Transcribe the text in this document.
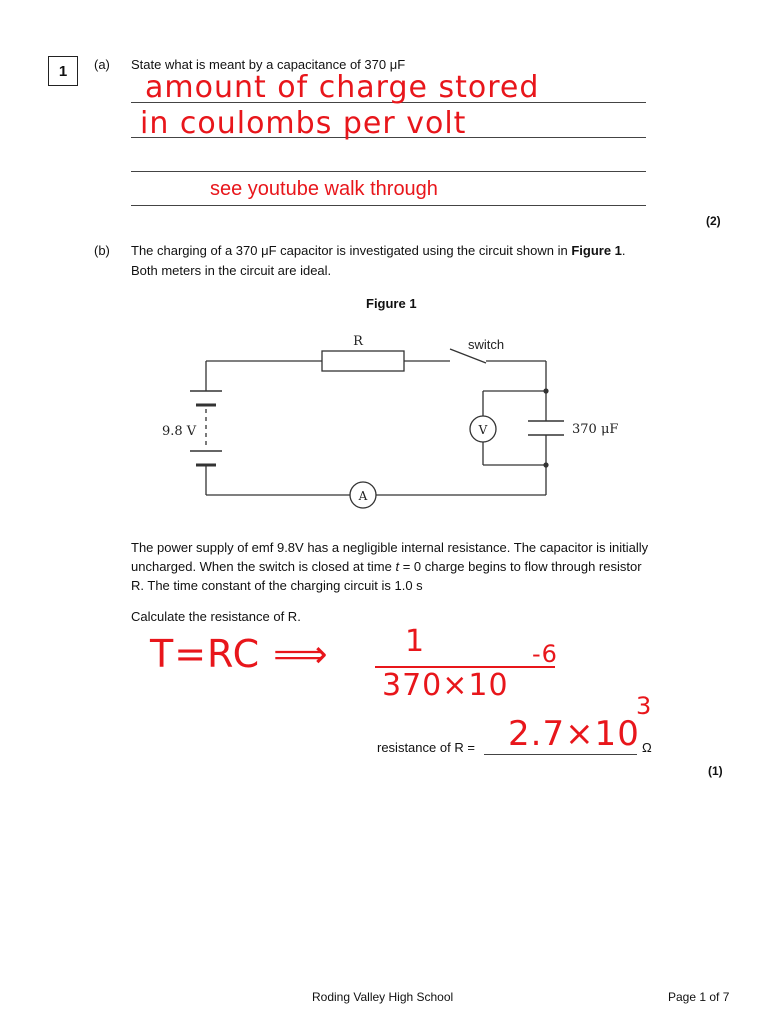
1	(a) State what is meant by a capacitance of 370 μF
amount of charge stored
in coulombs per volt
see youtube walk through
(2)
(b) The charging of a 370 μF capacitor is investigated using the circuit shown in Figure 1.
Both meters in the circuit are ideal.
Figure 1
R	switch
9.8 V	V	370 μF
A
The power supply of emf 9.8V has a negligible internal resistance. The capacitor is initially
uncharged. When the switch is closed at time t = 0 charge begins to flow through resistor
R. The time constant of the charging circuit is 1.0 s
Calculate the resistance of R.
T=RC ⟹	1
370×10
-6
resistance of R =	Ω
2.7×10
3
(1)
Roding Valley High School	Page 1 of 7
